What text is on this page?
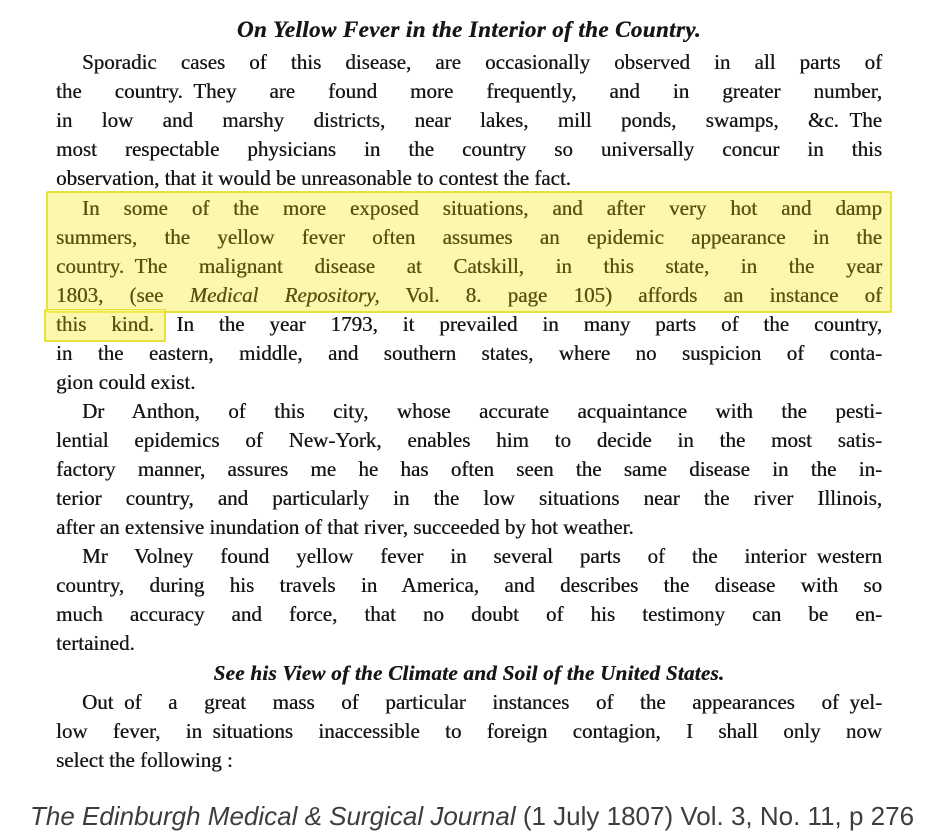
On Yellow Fever in the Interior of the Country.
Sporadic cases of this disease, are occasionally observed in all parts of
the country. They are found more frequently, and in greater number,
in low and marshy districts, near lakes, mill ponds, swamps, &c. The
most respectable physicians in the country so universally concur in this
observation, that it would be unreasonable to contest the fact.
In some of the more exposed situations, and after very hot and damp
summers, the yellow fever often assumes an epidemic appearance in the
country. The malignant disease at Catskill, in this state, in the year
1803, (see Medical Repository, Vol. 8. page 105) affords an instance of
this kind. In the year 1793, it prevailed in many parts of the country,
in the eastern, middle, and southern states, where no suspicion of conta-
gion could exist.
Dr Anthon, of this city, whose accurate acquaintance with the pesti-
lential epidemics of New-York, enables him to decide in the most satis-
factory manner, assures me he has often seen the same disease in the in-
terior country, and particularly in the low situations near the river Illinois,
after an extensive inundation of that river, succeeded by hot weather.
Mr Volney found yellow fever in several parts of the interior western
country, during his travels in America, and describes the disease with so
much accuracy and force, that no doubt of his testimony can be en-
tertained.
See his View of the Climate and Soil of the United States.
Out of a great mass of particular instances of the appearances of yel-
low fever, in situations inaccessible to foreign contagion, I shall only now
select the following :
The Edinburgh Medical & Surgical Journal (1 July 1807) Vol. 3, No. 11, p 276
